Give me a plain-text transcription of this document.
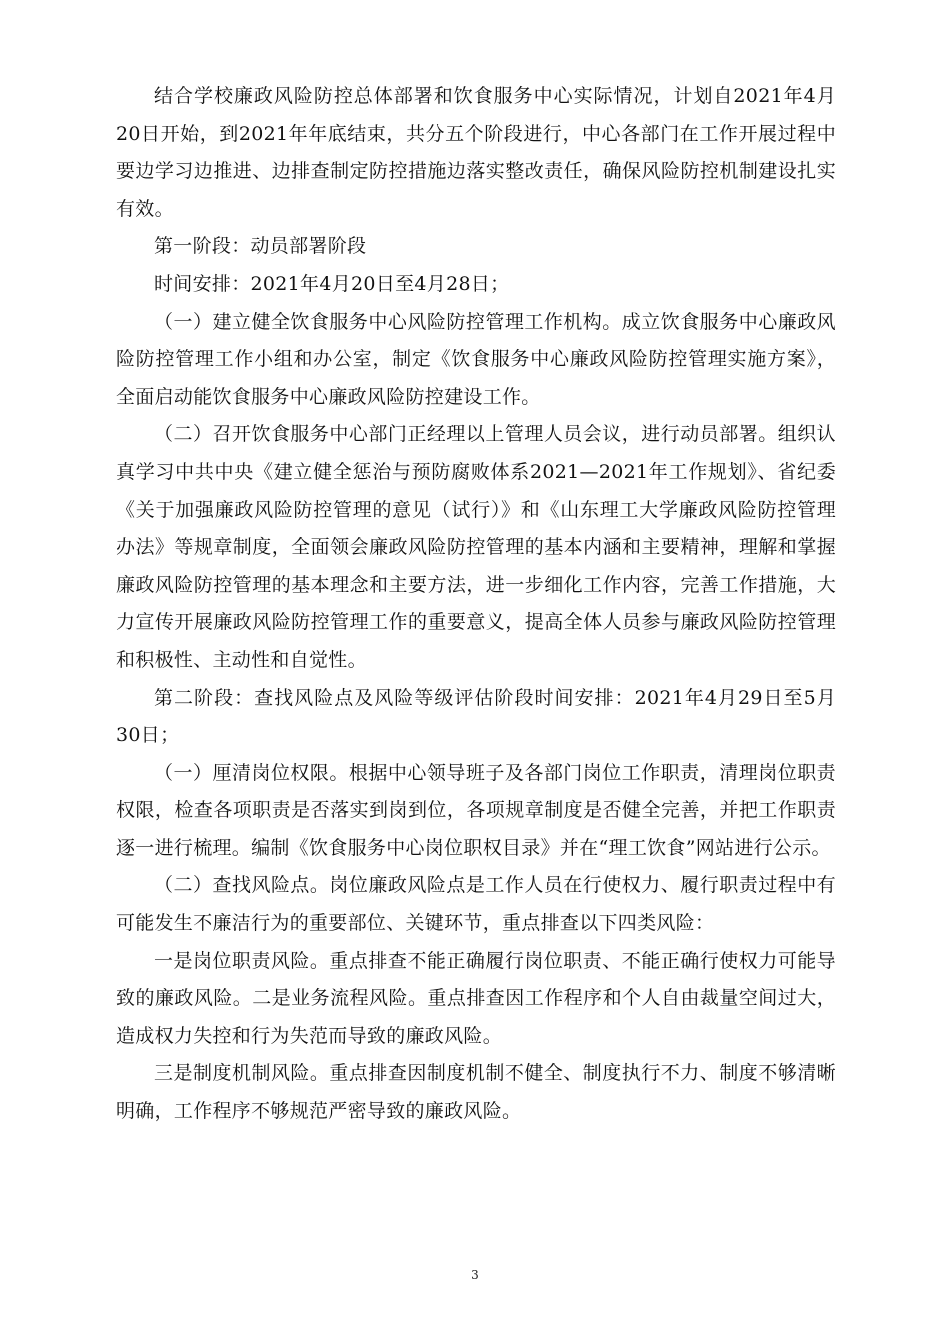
结合学校廉政风险防控总体部署和饮食服务中心实际情况，计划自2021年4月20日开始，到2021年年底结束，共分五个阶段进行，中心各部门在工作开展过程中要边学习边推进、边排查制定防控措施边落实整改责任，确保风险防控机制建设扎实有效。

第一阶段：动员部署阶段

时间安排：2021年4月20日至4月28日；

（一）建立健全饮食服务中心风险防控管理工作机构。成立饮食服务中心廉政风险防控管理工作小组和办公室，制定《饮食服务中心廉政风险防控管理实施方案》，全面启动能饮食服务中心廉政风险防控建设工作。

（二）召开饮食服务中心部门正经理以上管理人员会议，进行动员部署。组织认真学习中共中央《建立健全惩治与预防腐败体系2021—2021年工作规划》、省纪委《关于加强廉政风险防控管理的意见（试行）》和《山东理工大学廉政风险防控管理办法》等规章制度，全面领会廉政风险防控管理的基本内涵和主要精神，理解和掌握廉政风险防控管理的基本理念和主要方法，进一步细化工作内容，完善工作措施，大力宣传开展廉政风险防控管理工作的重要意义，提高全体人员参与廉政风险防控管理和积极性、主动性和自觉性。

第二阶段：查找风险点及风险等级评估阶段时间安排：2021年4月29日至5月30日；

（一）厘清岗位权限。根据中心领导班子及各部门岗位工作职责，清理岗位职责权限，检查各项职责是否落实到岗到位，各项规章制度是否健全完善，并把工作职责逐一进行梳理。编制《饮食服务中心岗位职权目录》并在“理工饮食”网站进行公示。

（二）查找风险点。岗位廉政风险点是工作人员在行使权力、履行职责过程中有可能发生不廉洁行为的重要部位、关键环节，重点排查以下四类风险：

一是岗位职责风险。重点排查不能正确履行岗位职责、不能正确行使权力可能导致的廉政风险。二是业务流程风险。重点排查因工作程序和个人自由裁量空间过大，造成权力失控和行为失范而导致的廉政风险。

三是制度机制风险。重点排查因制度机制不健全、制度执行不力、制度不够清晰明确，工作程序不够规范严密导致的廉政风险。

3
